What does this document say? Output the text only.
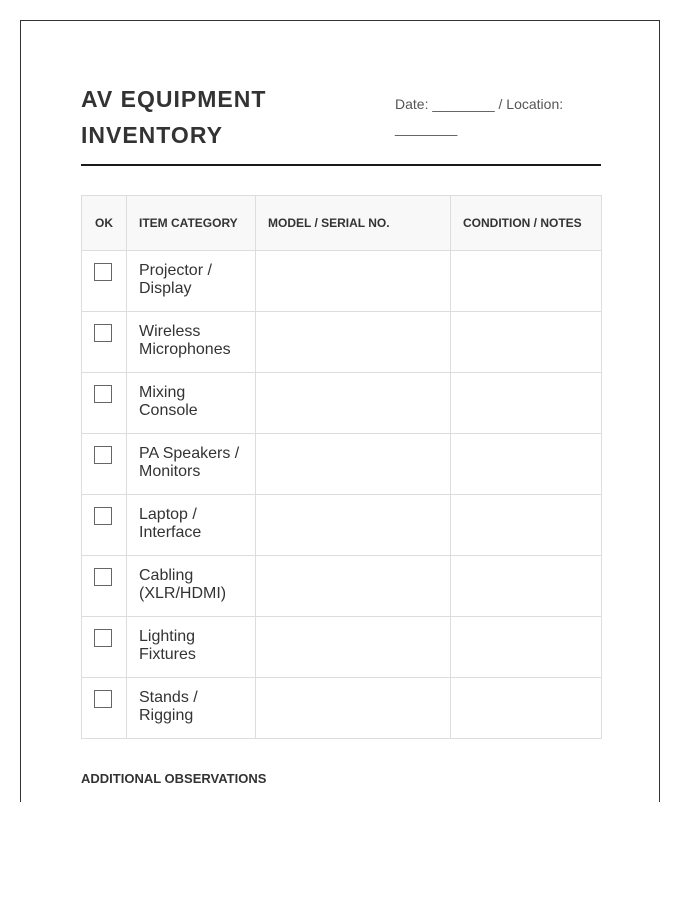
AV EQUIPMENT INVENTORY
Date: ________ / Location: ________
OK	ITEM CATEGORY	MODEL / SERIAL NO.	CONDITION / NOTES

	Projector / Display		

	Wireless Microphones		

	Mixing Console		

	PA Speakers / Monitors		

	Laptop / Interface		

	Cabling (XLR/HDMI)		

	Lighting Fixtures		

	Stands / Rigging		
ADDITIONAL OBSERVATIONS
